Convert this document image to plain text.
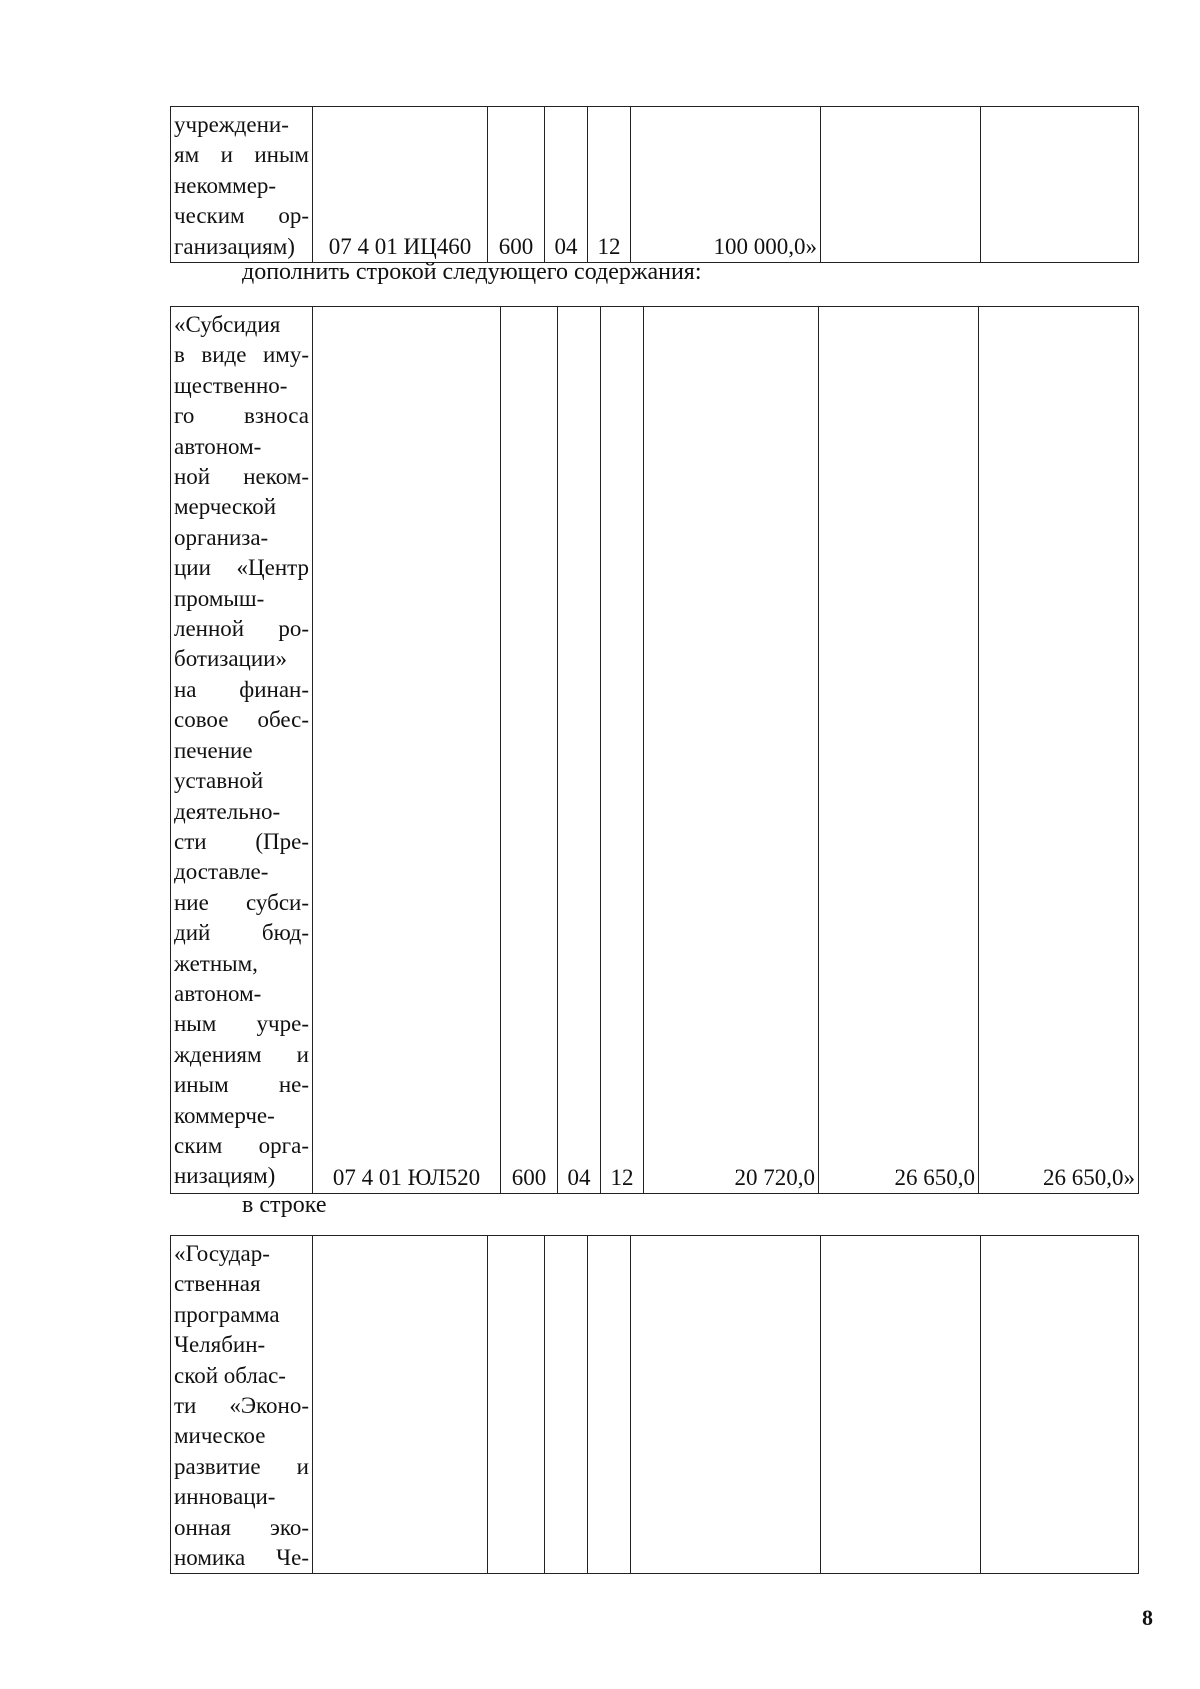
учреждени-
ям и иным
некоммер-
ческим ор-
ганизациям)	07 4 01 ИЦ460	600	04	12	100 000,0»		
дополнить строкой следующего содержания:
«Субсидия
в виде иму-
щественно-
го взноса
автоном-
ной неком-
мерческой
организа-
ции «Центр
промыш-
ленной ро-
ботизации»
на финан-
совое обес-
печение
уставной
деятельно-
сти (Пре-
доставле-
ние субси-
дий бюд-
жетным,
автоном-
ным учре-
ждениям и
иным не-
коммерче-
ским орга-
низациям)	07 4 01 ЮЛ520	600	04	12	20 720,0	26 650,0	26 650,0»
в строке
«Государ-
ственная
программа
Челябин-
ской облас-
ти «Эконо-
мическое
развитие и
инноваци-
онная эко-
номика Че-

8
